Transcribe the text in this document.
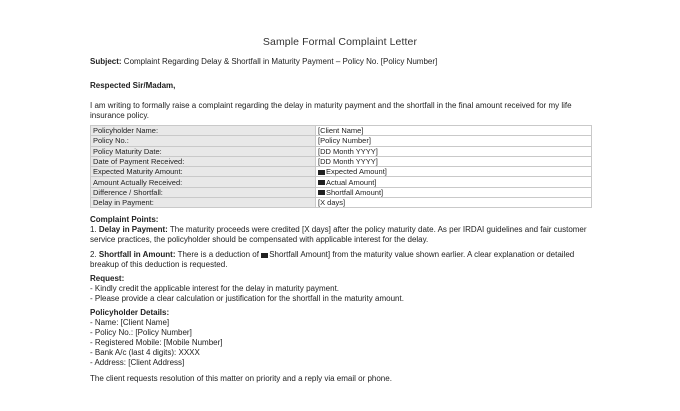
Sample Formal Complaint Letter

Subject: Complaint Regarding Delay & Shortfall in Maturity Payment – Policy No. [Policy Number]

Respected Sir/Madam,

I am writing to formally raise a complaint regarding the delay in maturity payment and the shortfall in the final amount received for my life insurance policy.

Policyholder Name:	[Client Name]
Policy No.:	[Policy Number]
Policy Maturity Date:	[DD Month YYYY]
Date of Payment Received:	[DD Month YYYY]
Expected Maturity Amount:	Expected Amount]
Amount Actually Received:	Actual Amount]
Difference / Shortfall:	Shortfall Amount]
Delay in Payment:	[X days]

Complaint Points:

1. Delay in Payment: The maturity proceeds were credited [X days] after the policy maturity date. As per IRDAI guidelines and fair customer service practices, the policyholder should be compensated with applicable interest for the delay.

2. Shortfall in Amount: There is a deduction of Shortfall Amount] from the maturity value shown earlier. A clear explanation or detailed breakup of this deduction is requested.

Request:

- Kindly credit the applicable interest for the delay in maturity payment.

- Please provide a clear calculation or justification for the shortfall in the maturity amount.

Policyholder Details:

- Name: [Client Name]

- Policy No.: [Policy Number]

- Registered Mobile: [Mobile Number]

- Bank A/c (last 4 digits): XXXX

- Address: [Client Address]

The client requests resolution of this matter on priority and a reply via email or phone.
